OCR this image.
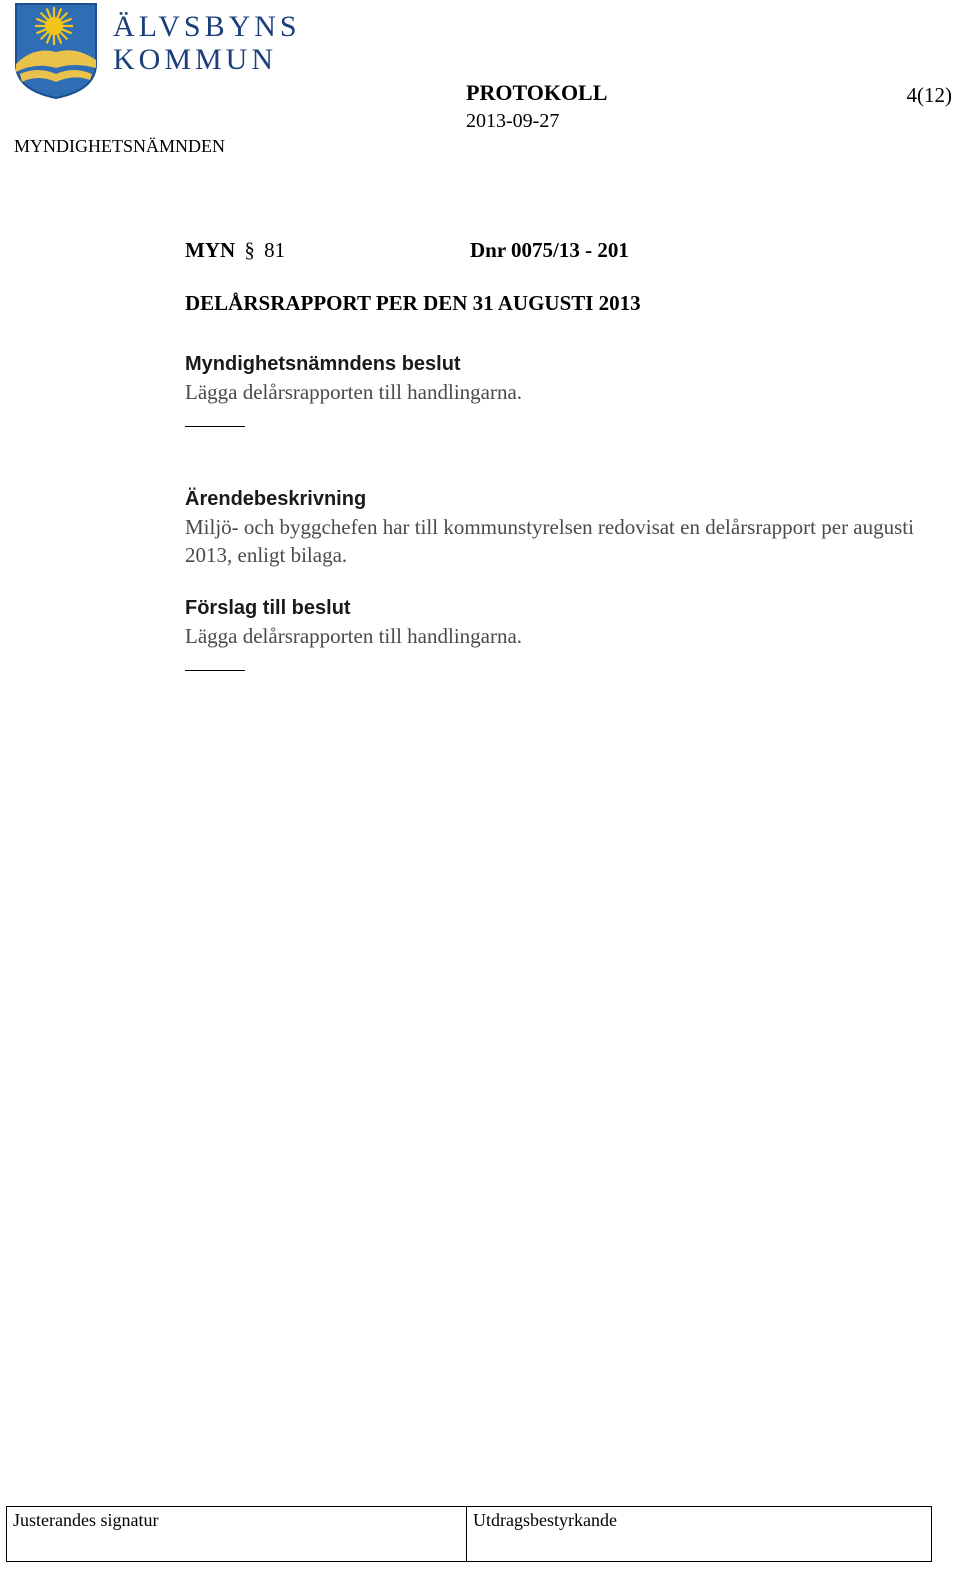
ÄLVSBYNS
KOMMUN
MYNDIGHETSNÄMNDEN
PROTOKOLL
2013-09-27
4(12)
MYN § 81	Dnr 0075/13 - 201
DELÅRSRAPPORT PER DEN 31 AUGUSTI 2013
Myndighetsnämndens beslut
Lägga delårsrapporten till handlingarna.
Ärendebeskrivning
Miljö- och byggchefen har till kommunstyrelsen redovisat en delårsrapport per augusti 2013, enligt bilaga.
Förslag till beslut
Lägga delårsrapporten till handlingarna.
Justerandes signatur	Utdragsbestyrkande
